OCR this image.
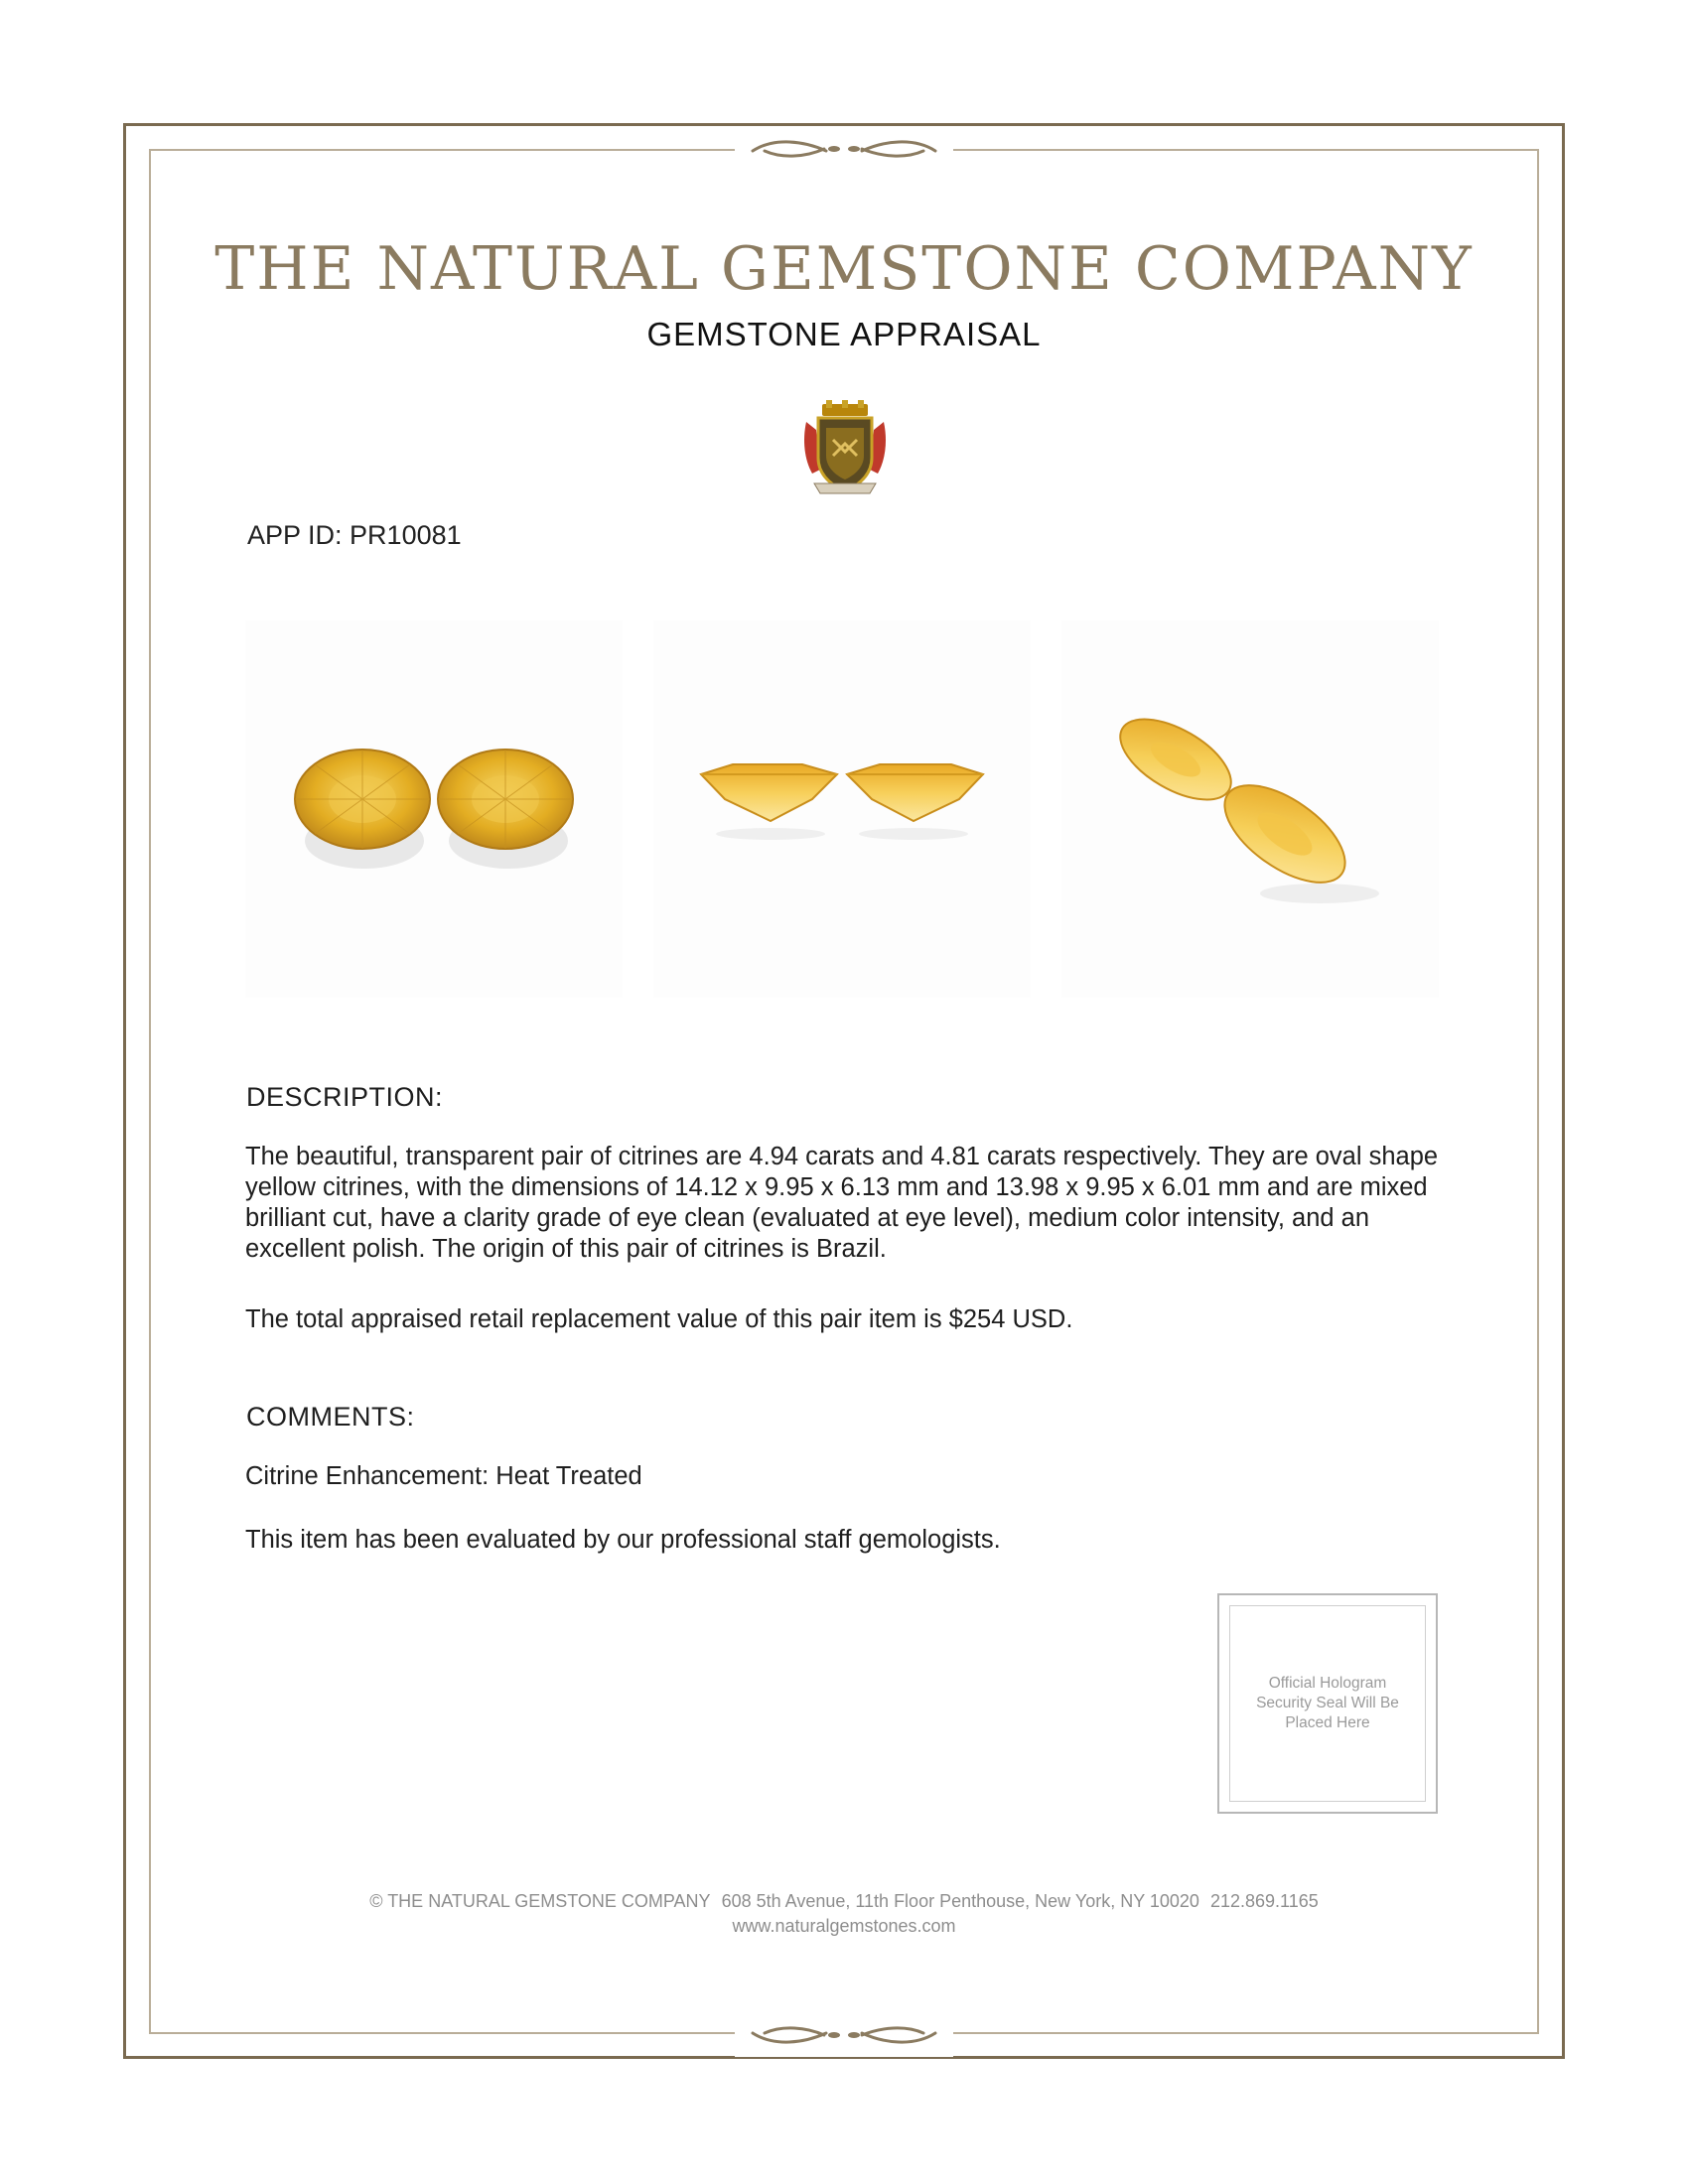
THE NATURAL GEMSTONE COMPANY
GEMSTONE APPRAISAL
APP ID: PR10081
DESCRIPTION:
The beautiful, transparent pair of citrines are 4.94 carats and 4.81 carats respectively. They are oval shape yellow citrines, with the dimensions of 14.12 x 9.95 x 6.13 mm and 13.98 x 9.95 x 6.01 mm and are mixed brilliant cut, have a clarity grade of eye clean (evaluated at eye level), medium color intensity, and an excellent polish. The origin of this pair of citrines is Brazil.
The total appraised retail replacement value of this pair item is $254 USD.
COMMENTS:
Citrine Enhancement: Heat Treated
This item has been evaluated by our professional staff gemologists.
Official Hologram Security Seal Will Be Placed Here
© THE NATURAL GEMSTONE COMPANY 608 5th Avenue, 11th Floor Penthouse, New York, NY 10020 212.869.1165
www.naturalgemstones.com
